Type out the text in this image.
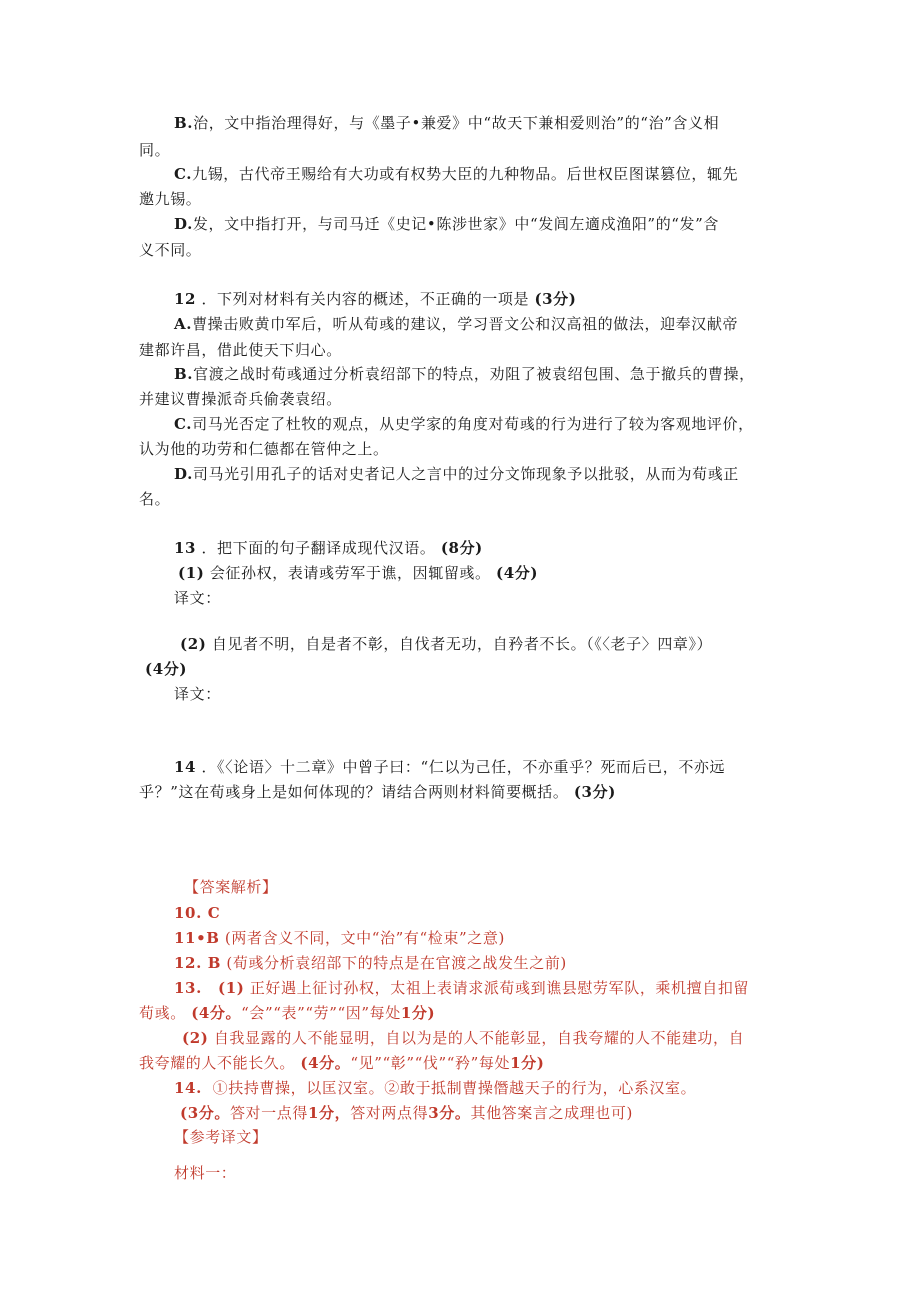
B.治，文中指治理得好，与《墨子•兼爱》中“故天下兼相爱则治”的“治”含义相
同。
C.九锡，古代帝王赐给有大功或有权势大臣的九种物品。后世权臣图谋篡位，辄先
邀九锡。
D.发，文中指打开，与司马迁《史记•陈涉世家》中“发闾左適戍渔阳”的“发”含
义不同。
12 ．下列对材料有关内容的概述，不正确的一项是 (3分)
A.曹操击败黄巾军后，听从荀彧的建议，学习晋文公和汉高祖的做法，迎奉汉献帝
建都许昌，借此使天下归心。
B.官渡之战时荀彧通过分析袁绍部下的特点，劝阻了被袁绍包围、急于撤兵的曹操，
并建议曹操派奇兵偷袭袁绍。
C.司马光否定了杜牧的观点，从史学家的角度对荀彧的行为进行了较为客观地评价，
认为他的功劳和仁德都在管仲之上。
D.司马光引用孔子的话对史者记人之言中的过分文饰现象予以批驳，从而为荀彧正
名。
13 ．把下面的句子翻译成现代汉语。 (8分)
(1) 会征孙权，表请彧劳军于谯，因辄留彧。 (4分)
译文：
(2) 自见者不明，自是者不彰，自伐者无功，自矜者不长。（《〈老子〉四章》）
(4分)
译文：
14 ．《〈论语〉十二章》中曾子曰：“仁以为己任，不亦重乎？死而后已，不亦远
乎？”这在荀彧身上是如何体现的？请结合两则材料简要概括。 (3分)
【答案解析】
10. C
11•B (两者含义不同，文中“治”有“检束”之意)
12. B (荀彧分析袁绍部下的特点是在官渡之战发生之前)
13. (1) 正好遇上征讨孙权，太祖上表请求派荀彧到谯县慰劳军队，乘机擅自扣留
荀彧。 (4分。“会”“表”“劳”“因”每处1分)
(2) 自我显露的人不能显明，自以为是的人不能彰显，自我夸耀的人不能建功，自
我夸耀的人不能长久。 (4分。“见”“彰”“伐”“矜”每处1分)
14. ①扶持曹操，以匡汉室。②敢于抵制曹操僭越天子的行为，心系汉室。
(3分。答对一点得1分，答对两点得3分。其他答案言之成理也可)
【参考译文】
材料一：
